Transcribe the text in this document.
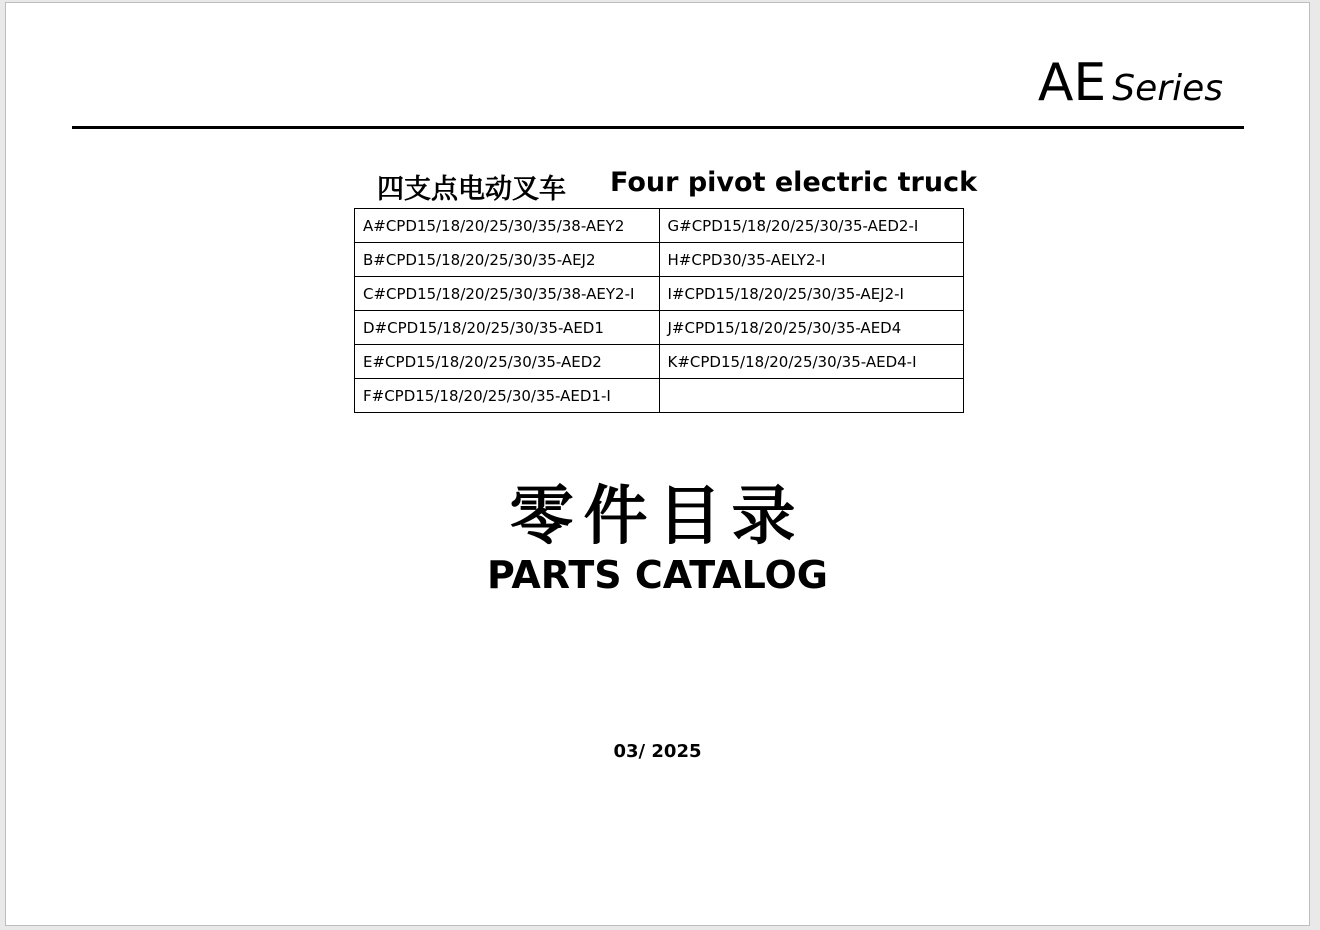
AE Series
四支点电动叉车 Four pivot electric truck
A#CPD15/18/20/25/30/35/38-AEY2	G#CPD15/18/20/25/30/35-AED2-I
B#CPD15/18/20/25/30/35-AEJ2	H#CPD30/35-AELY2-I
C#CPD15/18/20/25/30/35/38-AEY2-I	I#CPD15/18/20/25/30/35-AEJ2-I
D#CPD15/18/20/25/30/35-AED1	J#CPD15/18/20/25/30/35-AED4
E#CPD15/18/20/25/30/35-AED2	K#CPD15/18/20/25/30/35-AED4-I
F#CPD15/18/20/25/30/35-AED1-I	
零件目录
PARTS CATALOG
03/ 2025
